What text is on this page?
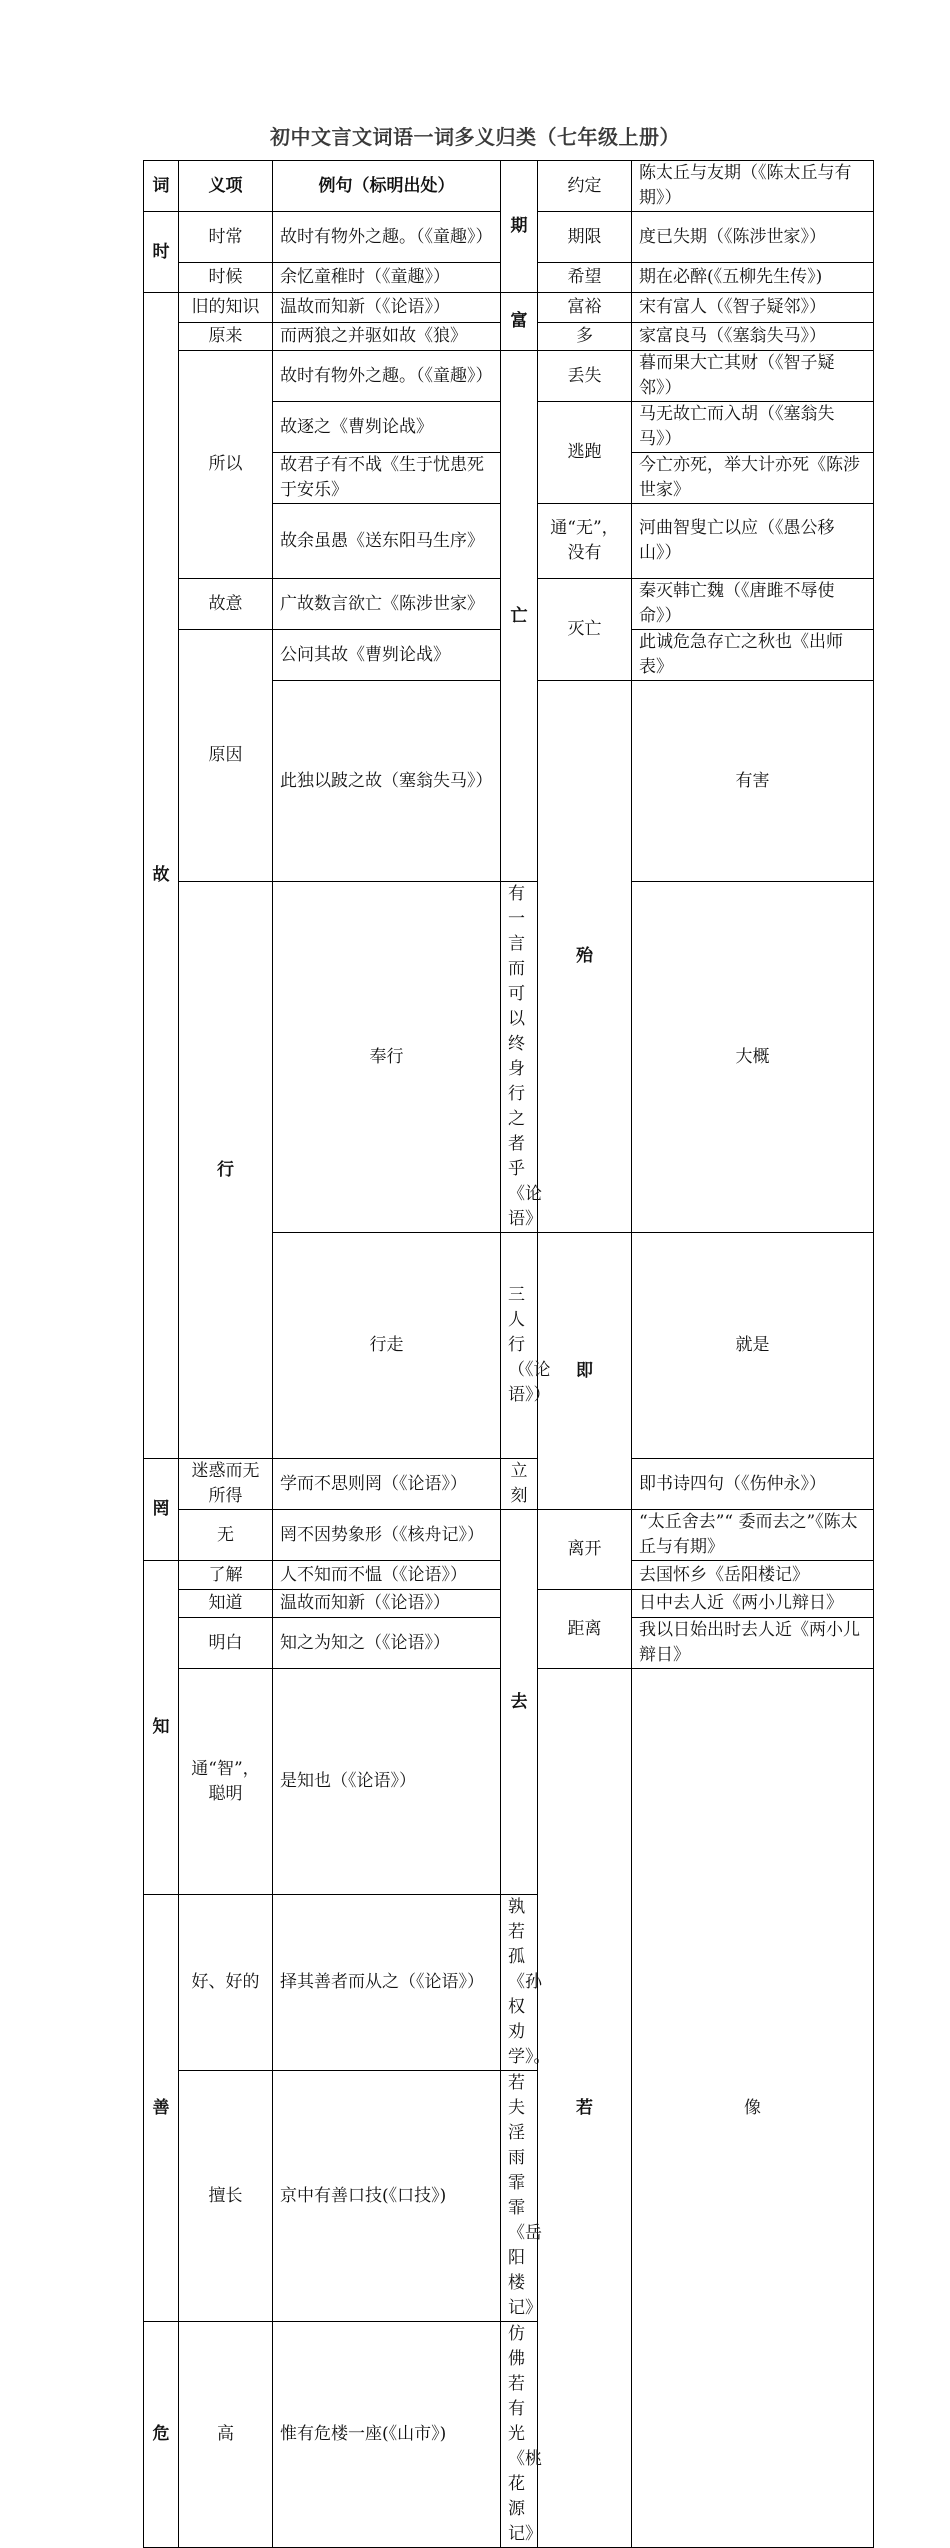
初中文言文词语一词多义归类（七年级上册）
词	义项	例句（标明出处）	期	约定	陈太丘与友期（《陈太丘与有期》）	
时	时常	故时有物外之趣。（《童趣》）		期限	度已失期（《陈涉世家》）	
	时候	余忆童稚时（《童趣》）		希望	期在必醉(《五柳先生传》)	
故	旧的知识	温故而知新（《论语》）	富	富裕	宋有富人（《智子疑邻》）	
	原来	而两狼之并驱如故《狼》		多	家富良马（《塞翁失马》）	
	所以	故时有物外之趣。（《童趣》）	亡	丢失	暮而果大亡其财（《智子疑邻》）	
		故逐之《曹刿论战》		逃跑	马无故亡而入胡（《塞翁失马》）	
		故君子有不战《生于忧患死于安乐》			今亡亦死，举大计亦死《陈涉世家》	
		故余虽愚《送东阳马生序》		通“无”，没有	河曲智叟亡以应（《愚公移山》）	
	故意	广故数言欲亡《陈涉世家》		灭亡	秦灭韩亡魏（《唐雎不辱使命》）	
	原因	公问其故《曹刿论战》			此诚危急存亡之秋也《出师表》	
		此独以跛之故（塞翁失马》）		殆	有害	
	行	奉行	有一言而可以终身行之者乎《论语》		大概	
		行走	三人行（《论语》）	即	就是	
罔	迷惑而无所得	学而不思则罔（《论语》）	立刻		即书诗四句（《伤仲永》）	
	无	罔不因势象形（《核舟记》）	去	离开	“太丘舍去”“ 委而去之”《陈太丘与有期》	
知	了解	人不知而不愠（《论语》）			去国怀乡《岳阳楼记》	
	知道	温故而知新（《论语》）		距离	日中去人近《两小儿辩日》	
	明白	知之为知之（《论语》）			我以日始出时去人近《两小儿辩日》	
	通“智”，聪明	是知也（《论语》）		若	像	
善	好、好的	择其善者而从之（《论语》）	孰若孤《孙权劝学》。			
	擅长	京中有善口技(《口技》)	若夫淫雨霏霏《岳阳楼记》			
危	高	惟有危楼一座(《山市》)	仿佛若有光《桃花源记》			
